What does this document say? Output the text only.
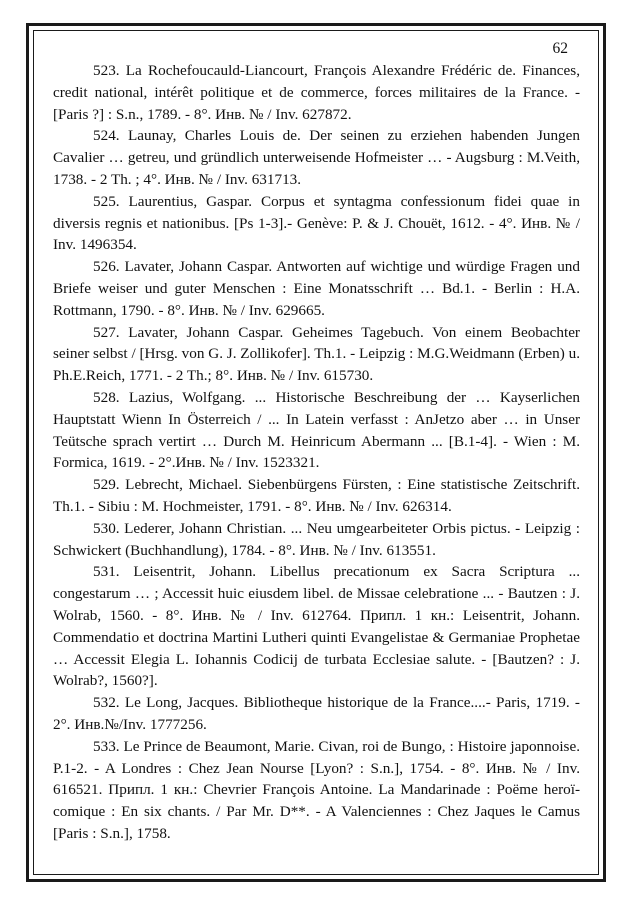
62

523. La Rochefoucauld-Liancourt, François Alexandre Frédéric de. Finances, credit national, intérêt politique et de commerce, forces militaires de la France. - [Paris ?] : S.n., 1789. - 8°. Инв. № / Inv. 627872.

524. Launay, Charles Louis de. Der seinen zu erziehen habenden Jungen Cavalier … getreu, und gründlich unterweisende Hofmeister … - Augsburg : M.Veith, 1738. - 2 Th. ; 4°. Инв. № / Inv. 631713.

525. Laurentius, Gaspar. Corpus et syntagma confessionum fidei quae in diversis regnis et nationibus. [Ps 1-3].- Genève: P. & J. Chouët, 1612. - 4°. Инв. № / Inv. 1496354.

526. Lavater, Johann Caspar. Antworten auf wichtige und würdige Fragen und Briefe weiser und guter Menschen : Eine Monatsschrift … Bd.1. - Berlin : H.A. Rottmann, 1790. - 8°. Инв. № / Inv. 629665.

527. Lavater, Johann Caspar. Geheimes Tagebuch. Von einem Beobachter seiner selbst / [Hrsg. von G. J. Zollikofer]. Th.1. - Leipzig : M.G.Weidmann (Erben) u. Ph.E.Reich, 1771. - 2 Th.; 8°. Инв. № / Inv. 615730.

528. Lazius, Wolfgang. ... Historische Beschreibung der … Kayserlichen Hauptstatt Wienn In Österreich / ... In Latein verfasst : AnJetzo aber … in Unser Teütsche sprach vertirt … Durch M. Heinricum Abermann ... [B.1-4]. - Wien : M. Formica, 1619. - 2°.Инв. № / Inv. 1523321.

529. Lebrecht, Michael. Siebenbürgens Fürsten, : Eine statistische Zeitschrift. Th.1. - Sibiu : M. Hochmeister, 1791. - 8°. Инв. № / Inv. 626314.

530. Lederer, Johann Christian. ... Neu umgearbeiteter Orbis pictus. - Leipzig : Schwickert (Buchhandlung), 1784. - 8°. Инв. № / Inv. 613551.

531. Leisentrit, Johann. Libellus precationum ex Sacra Scriptura ... congestarum … ; Accessit huic eiusdem libel. de Missae celebratione ... - Bautzen : J. Wolrab, 1560. - 8°. Инв. № / Inv. 612764. Припл. 1 кн.: Leisentrit, Johann. Commendatio et doctrina Martini Lutheri quinti Evangelistae & Germaniae Prophetae … Accessit Elegia L. Iohannis Codicij de turbata Ecclesiae salute. - [Bautzen? : J. Wolrab?, 1560?].

532. Le Long, Jacques. Bibliotheque historique de la France....- Paris, 1719. - 2°. Инв.№/Inv. 1777256.

533. Le Prince de Beaumont, Marie. Civan, roi de Bungo, : Histoire japonnoise. P.1-2. - A Londres : Chez Jean Nourse [Lyon? : S.n.], 1754. - 8°. Инв. № / Inv. 616521. Припл. 1 кн.: Chevrier François Antoine. La Mandarinade : Poëme heroï-comique : En six chants. / Par Mr. D**. - A Valenciennes : Chez Jaques le Camus [Paris : S.n.], 1758.
